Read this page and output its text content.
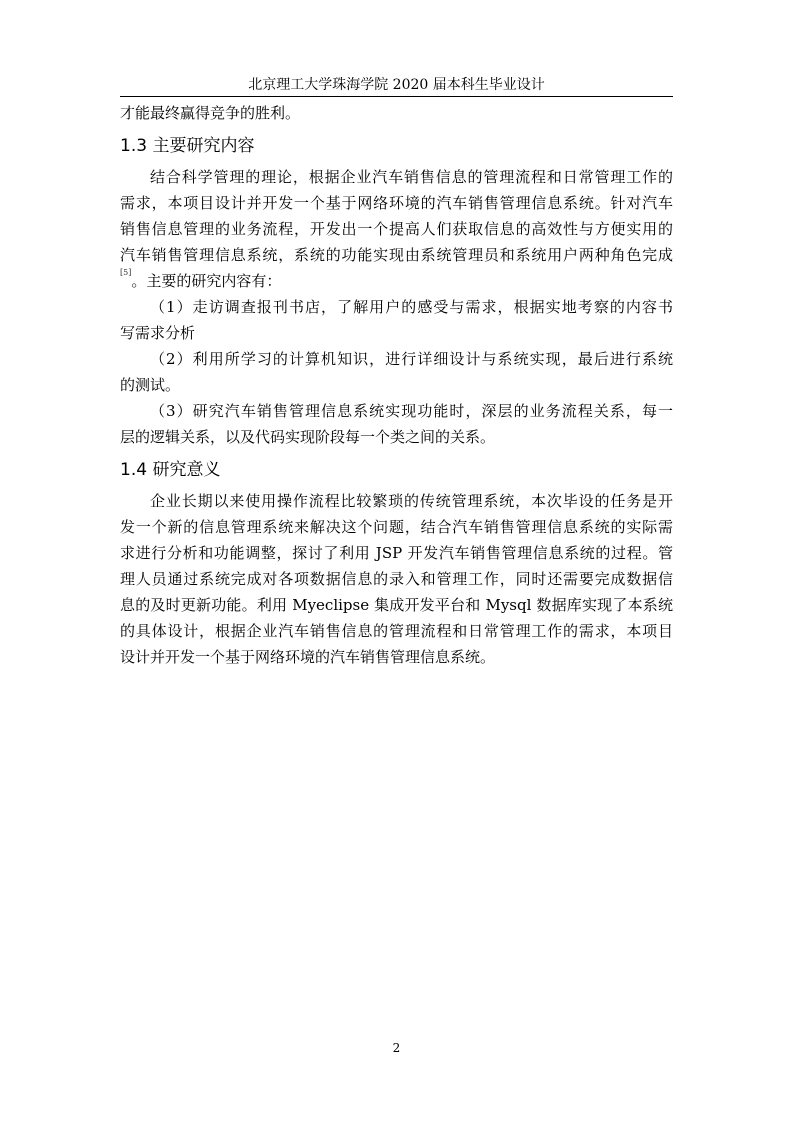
北京理工大学珠海学院 2020 届本科生毕业设计
才能最终赢得竞争的胜利。
1.3 主要研究内容
结合科学管理的理论，根据企业汽车销售信息的管理流程和日常管理工作的
需求，本项目设计并开发一个基于网络环境的汽车销售管理信息系统。针对汽车
销售信息管理的业务流程，开发出一个提高人们获取信息的高效性与方便实用的
汽车销售管理信息系统，系统的功能实现由系统管理员和系统用户两种角色完成
[5]。主要的研究内容有：
（1）走访调查报刊书店，了解用户的感受与需求，根据实地考察的内容书
写需求分析
（2）利用所学习的计算机知识，进行详细设计与系统实现，最后进行系统
的测试。
（3）研究汽车销售管理信息系统实现功能时，深层的业务流程关系，每一
层的逻辑关系，以及代码实现阶段每一个类之间的关系。
1.4 研究意义
企业长期以来使用操作流程比较繁琐的传统管理系统，本次毕设的任务是开
发一个新的信息管理系统来解决这个问题，结合汽车销售管理信息系统的实际需
求进行分析和功能调整，探讨了利用 JSP 开发汽车销售管理信息系统的过程。管
理人员通过系统完成对各项数据信息的录入和管理工作，同时还需要完成数据信
息的及时更新功能。利用 Myeclipse 集成开发平台和 Mysql 数据库实现了本系统
的具体设计，根据企业汽车销售信息的管理流程和日常管理工作的需求，本项目
设计并开发一个基于网络环境的汽车销售管理信息系统。
2
